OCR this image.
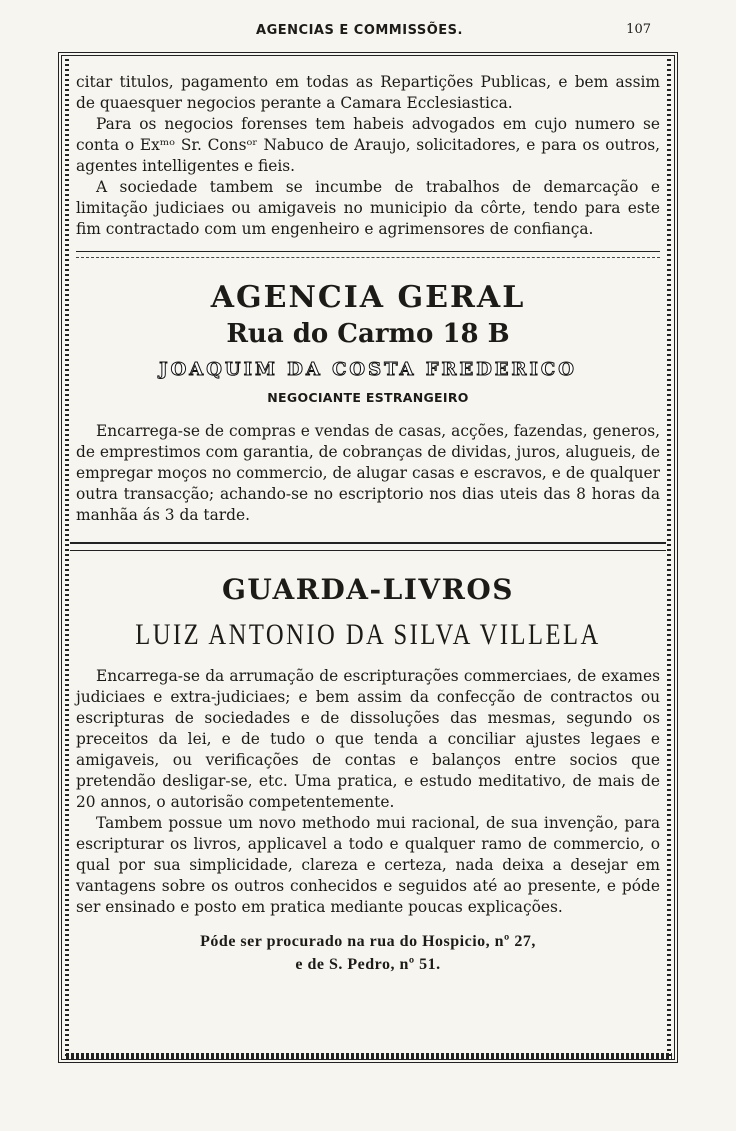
AGENCIAS E COMMISSÕES.	107

citar titulos, pagamento em todas as Repartições Publicas, e bem assim de quaesquer negocios perante a Camara Ecclesiastica.

Para os negocios forenses tem habeis advogados em cujo numero se conta o Exᵐᵒ Sr. Consᵒʳ Nabuco de Araujo, solicitadores, e para os outros, agentes intelligentes e fieis.

A sociedade tambem se incumbe de trabalhos de demarcação e limitação judiciaes ou amigaveis no municipio da côrte, tendo para este fim contractado com um engenheiro e agrimensores de confiança.

AGENCIA GERAL
Rua do Carmo 18 B
JOAQUIM DA COSTA FREDERICO
NEGOCIANTE ESTRANGEIRO

Encarrega-se de compras e vendas de casas, acções, fazendas, generos, de emprestimos com garantia, de cobranças de dividas, juros, alugueis, de empregar moços no commercio, de alugar casas e escravos, e de qualquer outra transacção; achando-se no escriptorio nos dias uteis das 8 horas da manhãa ás 3 da tarde.

GUARDA-LIVROS
LUIZ ANTONIO DA SILVA VILLELA

Encarrega-se da arrumação de escripturações commerciaes, de exames judiciaes e extra-judiciaes; e bem assim da confecção de contractos ou escripturas de sociedades e de dissoluções das mesmas, segundo os preceitos da lei, e de tudo o que tenda a conciliar ajustes legaes e amigaveis, ou verificações de contas e balanços entre socios que pretendão desligar-se, etc. Uma pratica, e estudo meditativo, de mais de 20 annos, o autorisão competentemente.

Tambem possue um novo methodo mui racional, de sua invenção, para escripturar os livros, applicavel a todo e qualquer ramo de commercio, o qual por sua simplicidade, clareza e certeza, nada deixa a desejar em vantagens sobre os outros conhecidos e seguidos até ao presente, e póde ser ensinado e posto em pratica mediante poucas explicações.

Póde ser procurado na rua do Hospicio, nº 27,
e de S. Pedro, nº 51.
